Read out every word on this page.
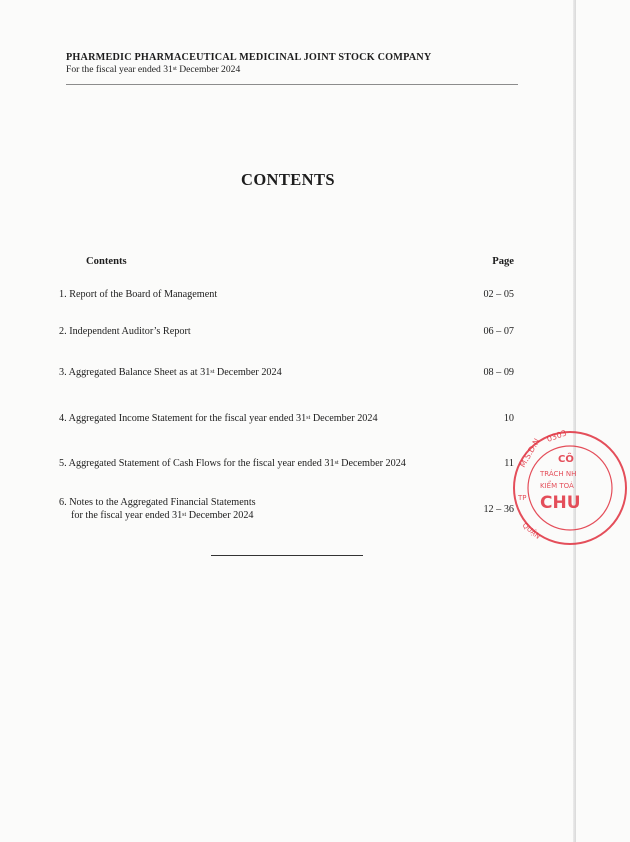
PHARMEDIC PHARMACEUTICAL MEDICINAL JOINT STOCK COMPANY
For the fiscal year ended 31st December 2024
CONTENTS
Contents	Page
1. Report of the Board of Management	02 – 05
2. Independent Auditor’s Report	06 – 07
3. Aggregated Balance Sheet as at 31st December 2024	08 – 09
4. Aggregated Income Statement for the fiscal year ended 31st December 2024	10
5. Aggregated Statement of Cash Flows for the fiscal year ended 31st December 2024	11
6. Notes to the Aggregated Financial Statements
for the fiscal year ended 31st December 2024	12 – 36
M.S.D.N
0303
CÔ
TRÁCH NH
KIỂM TOÁ
CHU
QUẬN
TP
